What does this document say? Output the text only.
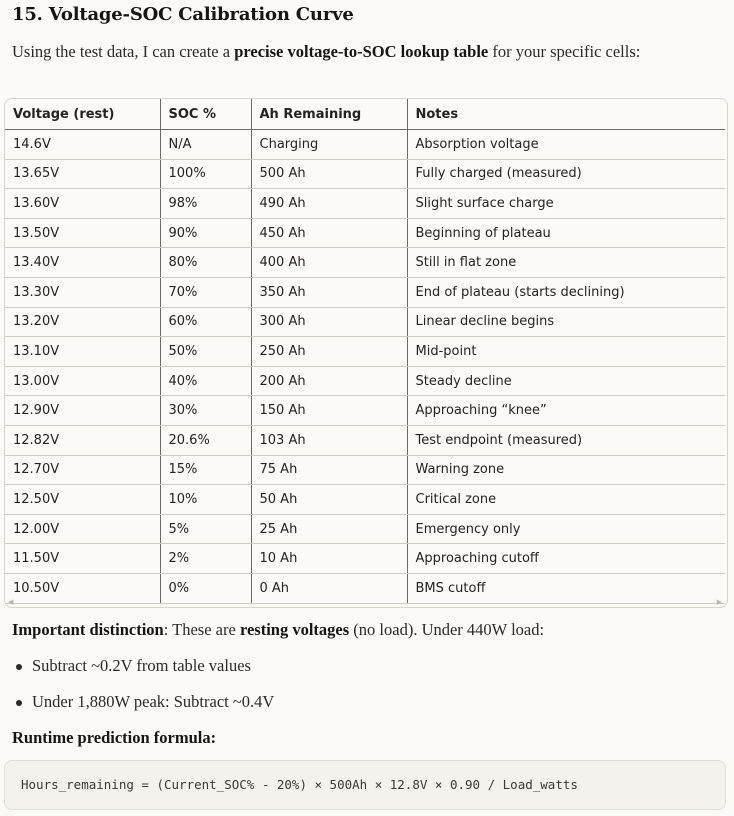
15. Voltage-SOC Calibration Curve

Using the test data, I can create a precise voltage-to-SOC lookup table for your specific cells:

Voltage (rest)	SOC %	Ah Remaining	Notes
14.6V	N/A	Charging	Absorption voltage
13.65V	100%	500 Ah	Fully charged (measured)
13.60V	98%	490 Ah	Slight surface charge
13.50V	90%	450 Ah	Beginning of plateau
13.40V	80%	400 Ah	Still in flat zone
13.30V	70%	350 Ah	End of plateau (starts declining)
13.20V	60%	300 Ah	Linear decline begins
13.10V	50%	250 Ah	Mid-point
13.00V	40%	200 Ah	Steady decline
12.90V	30%	150 Ah	Approaching “knee”
12.82V	20.6%	103 Ah	Test endpoint (measured)
12.70V	15%	75 Ah	Warning zone
12.50V	10%	50 Ah	Critical zone
12.00V	5%	25 Ah	Emergency only
11.50V	2%	10 Ah	Approaching cutoff
10.50V	0%	0 Ah	BMS cutoff
◀	▶

Important distinction: These are resting voltages (no load). Under 440W load:

Subtract ~0.2V from table values
Under 1,880W peak: Subtract ~0.4V

Runtime prediction formula:

Hours_remaining = (Current_SOC% - 20%) × 500Ah × 12.8V × 0.90 / Load_watts
